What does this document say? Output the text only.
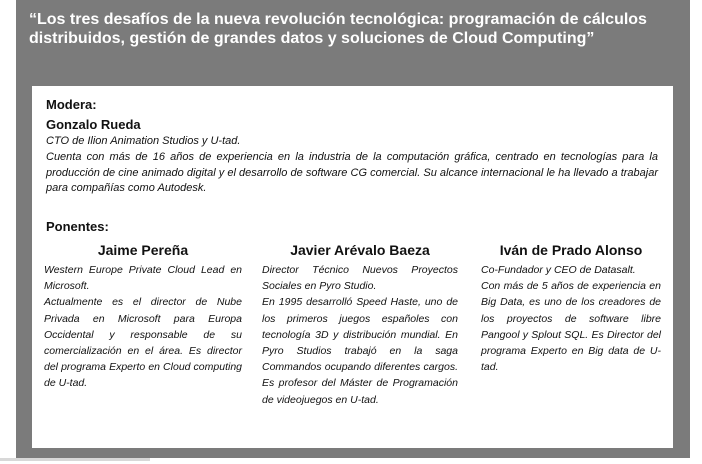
“Los tres desafíos de la nueva revolución tecnológica: programación de cálculos distribuidos, gestión de grandes datos y soluciones de Cloud Computing”
Modera:
Gonzalo Rueda
CTO de Ilion Animation Studios y U-tad.
Cuenta con más de 16 años de experiencia en la industria de la computación gráfica, centrado en tecnologías para la producción de cine animado digital y el desarrollo de software CG comercial. Su alcance internacional le ha llevado a trabajar para compañías como Autodesk.
Ponentes:
Jaime Pereña

Western Europe Private Cloud Lead en Microsoft.

Actualmente es el director de Nube Privada en Microsoft para Europa Occidental y responsable de su comercialización en el área. Es director del programa Experto en Cloud computing de U-tad.

Javier Arévalo Baeza

Director Técnico Nuevos Proyectos Sociales en Pyro Studio.

En 1995 desarrolló Speed Haste, uno de los primeros juegos españoles con tecnología 3D y distribución mundial. En Pyro Studios trabajó en la saga Commandos ocupando diferentes cargos. Es profesor del Máster de Programación de videojuegos en U-tad.

Iván de Prado Alonso

Co-Fundador y CEO de Datasalt.

Con más de 5 años de experiencia en Big Data, es uno de los creadores de los proyectos de software libre Pangool y Splout SQL. Es Director del programa Experto en Big data de U-tad.
